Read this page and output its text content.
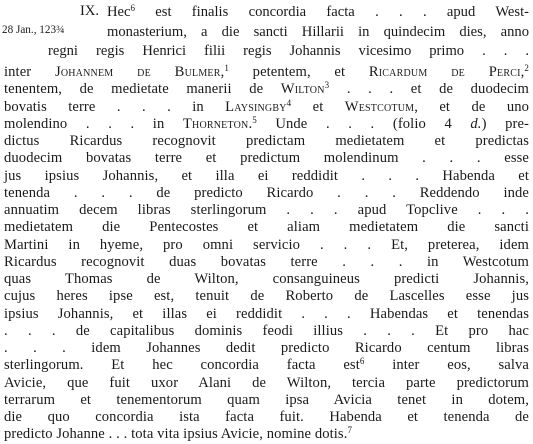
IX.
28 Jan., 123¾
Hec$^6$ est finalis concordia facta . . . apud West-
monasterium, a die sancti Hillarii in quindecim dies, anno
regni regis Henrici filii regis Johannis vicesimo primo . . .
inter Johannem de Bulmer,$^1$ petentem, et Ricardum de Perci,$^2$
tenentem, de medietate manerii de Wilton$^3$ . . . et de duodecim
bovatis terre . . . in Laysingby$^4$ et Westcotum, et de uno
molendino . . . in Thorneton.$^5$ Unde . . . (folio 4 d.) pre-
dictus Ricardus recognovit predictam medietatem et predictas
duodecim bovatas terre et predictum molendinum . . . esse
jus ipsius Johannis, et illa ei reddidit . . . Habenda et
tenenda . . . de predicto Ricardo . . . Reddendo inde
annuatim decem libras sterlingorum . . . apud Topclive . . .
medietatem die Pentecostes et aliam medietatem die sancti
Martini in hyeme, pro omni servicio . . . Et, preterea, idem
Ricardus recognovit duas bovatas terre . . . in Westcotum
quas Thomas de Wilton, consanguineus predicti Johannis,
cujus heres ipse est, tenuit de Roberto de Lascelles esse jus
ipsius Johannis, et illas ei reddidit . . . Habendas et tenendas
. . . de capitalibus dominis feodi illius . . . Et pro hac
. . . idem Johannes dedit predicto Ricardo centum libras
sterlingorum. Et hec concordia facta est$^6$ inter eos, salva
Avicie, que fuit uxor Alani de Wilton, tercia parte predictorum
terrarum et tenementorum quam ipsa Avicia tenet in dotem,
die quo concordia ista facta fuit. Habenda et tenenda de
predicto Johanne . . . tota vita ipsius Avicie, nomine dotis.$^7$
